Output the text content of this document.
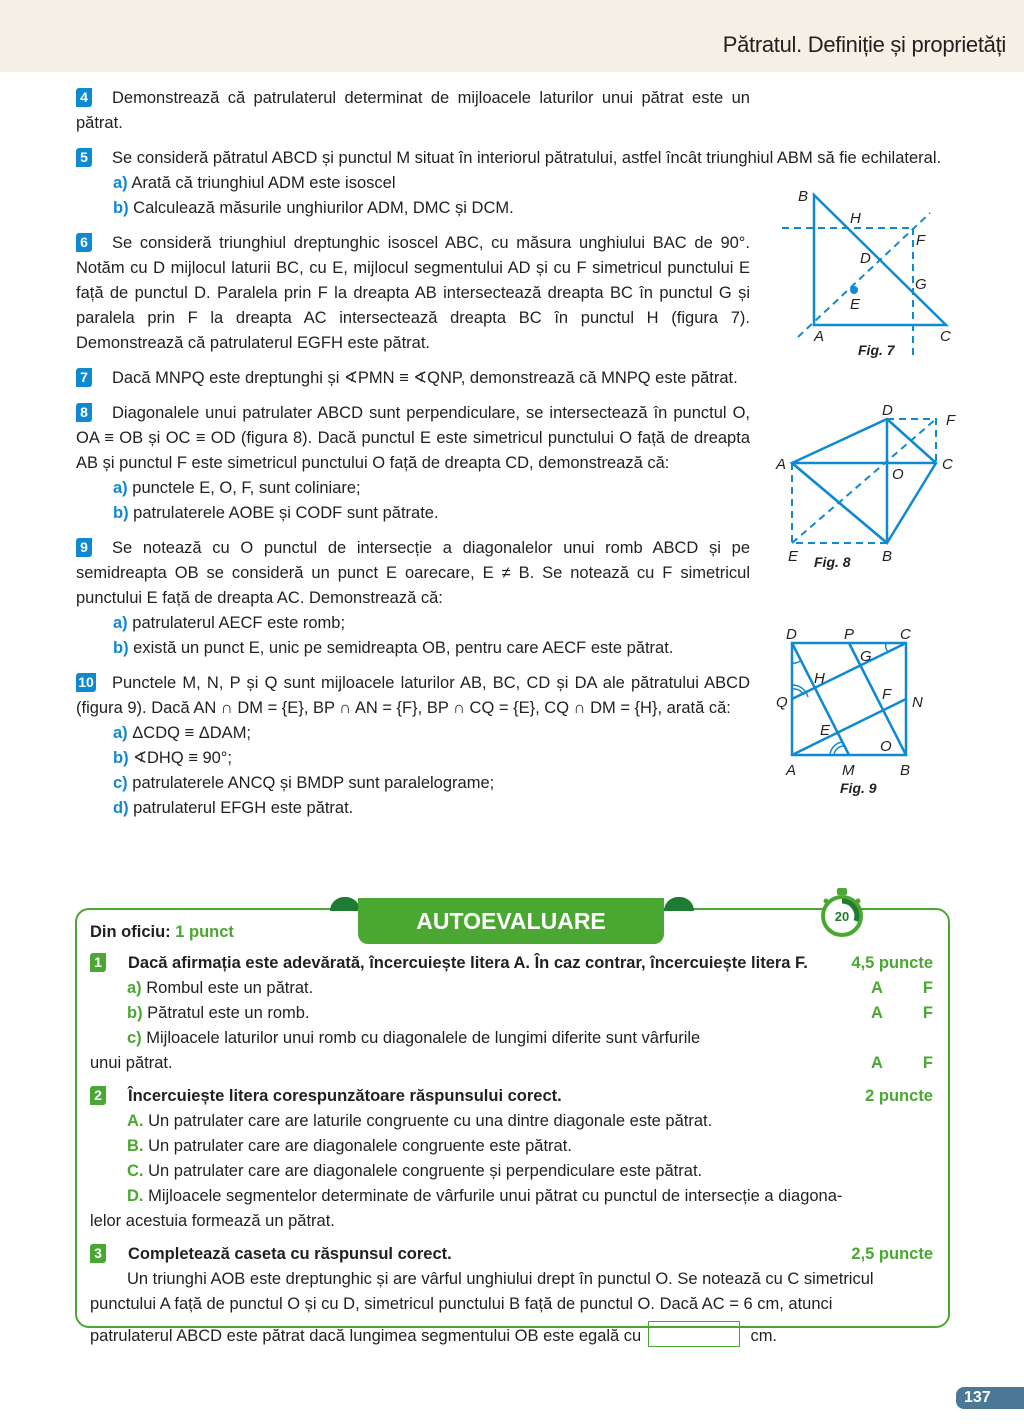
Pătratul. Definiție și proprietăți
4 Demonstrează că patrulaterul determinat de mijloacele laturilor unui pătrat este un pătrat.
5 Se consideră pătratul ABCD și punctul M situat în interiorul pătratului, astfel încât triunghiul ABM să fie echilateral.
a) Arată că triunghiul ADM este isoscel
b) Calculează măsurile unghiurilor ADM, DMC și DCM.
6 Se consideră triunghiul dreptunghic isoscel ABC, cu măsura unghiului BAC de 90°. Notăm cu D mijlocul laturii BC, cu E, mijlocul segmentului AD și cu F simetricul punctului E față de punctul D. Paralela prin F la dreapta AB intersectează dreapta BC în punctul G și paralela prin F la dreapta AC intersectează dreapta BC în punctul H (figura 7). Demonstrează că patrulaterul EGFH este pătrat.
7 Dacă MNPQ este dreptunghi și ∢PMN ≡ ∢QNP, demonstrează că MNPQ este pătrat.
8 Diagonalele unui patrulater ABCD sunt perpendiculare, se intersectează în punctul O, OA ≡ OB și OC ≡ OD (figura 8). Dacă punctul E este simetricul punctului O față de dreapta AB și punctul F este simetricul punctului O față de dreapta CD, demonstrează că:
a) punctele E, O, F, sunt coliniare;
b) patrulaterele AOBE și CODF sunt pătrate.
9 Se notează cu O punctul de intersecție a diagonalelor unui romb ABCD și pe semidreapta OB se consideră un punct E oarecare, E ≠ B. Se notează cu F simetricul punctului E față de dreapta AC. Demonstrează că:
a) patrulaterul AECF este romb;
b) există un punct E, unic pe semidreapta OB, pentru care AECF este pătrat.
10 Punctele M, N, P și Q sunt mijloacele laturilor AB, BC, CD și DA ale pătratului ABCD (figura 9). Dacă AN ∩ DM = {E}, BP ∩ AN = {F}, BP ∩ CQ = {E}, CQ ∩ DM = {H}, arată că:
a) ΔCDQ ≡ ΔDAM;
b) ∢DHQ ≡ 90°;
c) patrulaterele ANCQ și BMDP sunt paralelograme;
d) patrulaterul EFGH este pătrat.
B
H
F
D
G
E
A	C
Fig. 7
D
F
A
O
C
E	B
Fig. 8
D	P	C
G
H
Q	F N
E
O
A	M	B
Fig. 9
AUTOEVALUARE	20
Din oficiu: 1 punct
1 Dacă afirmația este adevărată, încercuiește litera A. În caz contrar, încercuiește litera F.	4,5 puncte
a) Rombul este un pătrat.	A F
b) Pătratul este un romb.	A F
c) Mijloacele laturilor unui romb cu diagonalele de lungimi diferite sunt vârfurile
unui pătrat.	A F
2 Încercuiește litera corespunzătoare răspunsului corect.	2 puncte
A. Un patrulater care are laturile congruente cu una dintre diagonale este pătrat.
B. Un patrulater care are diagonalele congruente este pătrat.
C. Un patrulater care are diagonalele congruente și perpendiculare este pătrat.
D. Mijloacele segmentelor determinate de vârfurile unui pătrat cu punctul de intersecție a diagona-
lelor acestuia formează un pătrat.
3 Completează caseta cu răspunsul corect.	2,5 puncte
Un triunghi AOB este dreptunghic și are vârful unghiului drept în punctul O. Se notează cu C simetricul
punctului A față de punctul O și cu D, simetricul punctului B față de punctul O. Dacă AC = 6 cm, atunci
patrulaterul ABCD este pătrat dacă lungimea segmentului OB este egală cu	cm.
137
